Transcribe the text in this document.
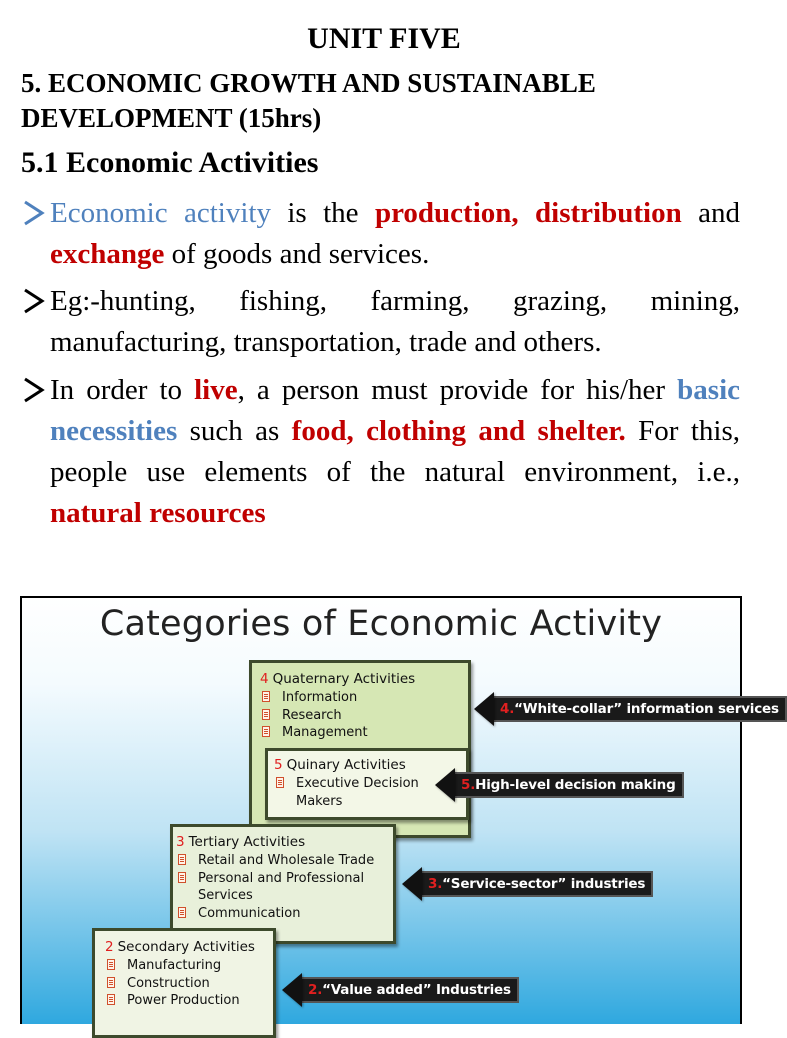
UNIT FIVE
5. ECONOMIC GROWTH AND SUSTAINABLE DEVELOPMENT (15hrs)
5.1 Economic Activities
Economic activity is the production, distribution and exchange of goods and services.
Eg:-hunting, fishing, farming, grazing, mining, manufacturing, transportation, trade and others.
In order to live, a person must provide for his/her basic necessities such as food, clothing and shelter. For this, people use elements of the natural environment, i.e., natural resources
Categories of Economic Activity
4 Quaternary Activities
Information
Research
Management
5 Quinary Activities
Executive Decision Makers
3 Tertiary Activities
Retail and Wholesale Trade
Personal and Professional Services
Communication
2 Secondary Activities
Manufacturing
Construction
Power Production
4.“White-collar” information services
5.High-level decision making
3.“Service-sector” industries
2.“Value added” Industries
